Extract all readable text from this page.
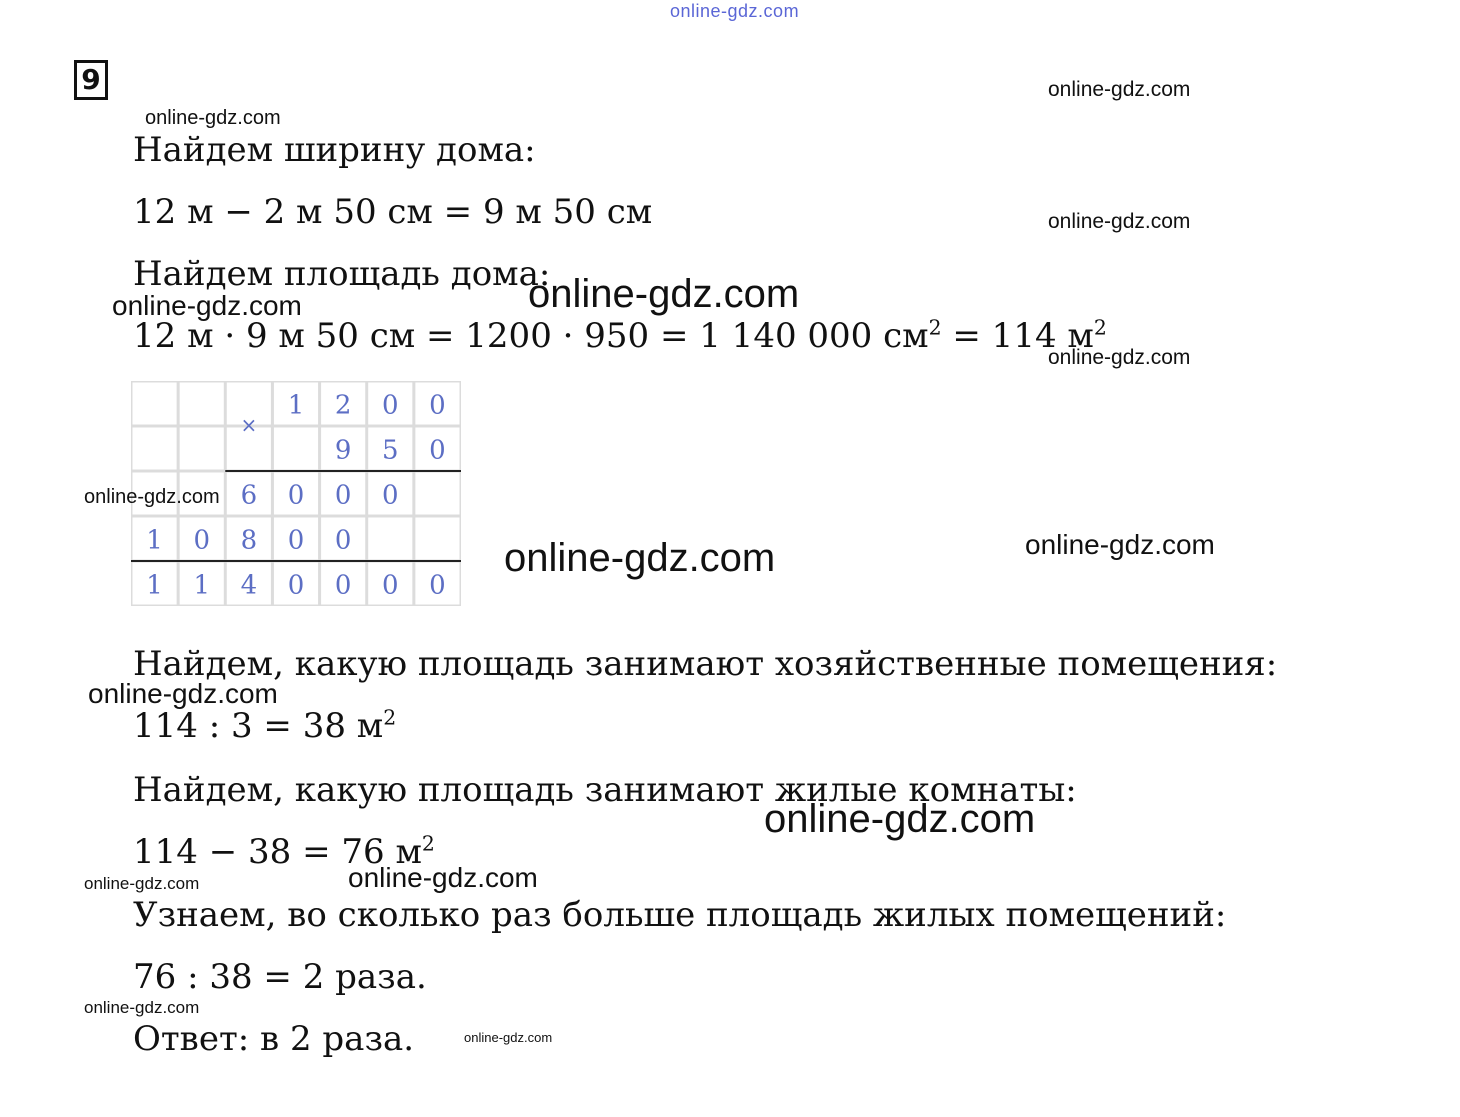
online-gdz.com
9
Найдем ширину дома:
12 м − 2 м 50 см = 9 м 50 см
Найдем площадь дома:
12 м · 9 м 50 см = 1200 · 950 = 1 140 000 $см^2 = 114$ $м^2$
×
1 2 0 0
9 5 0
6 0 0 0
1 0 8 0 0
1 1 4 0 0 0 0
Найдем, какую площадь занимают хозяйственные помещения:
114 : 3 = 38 $м^2$
Найдем, какую площадь занимают жилые комнаты:
114 − 38 = 76 $м^2$
Узнаем, во сколько раз больше площадь жилых помещений:
76 : 38 = 2 раза.
Ответ: в 2 раза.
online-gdz.com
online-gdz.com
online-gdz.com
online-gdz.com
online-gdz.com
online-gdz.com
online-gdz.com
online-gdz.com
online-gdz.com
online-gdz.com
online-gdz.com
online-gdz.com
online-gdz.com
online-gdz.com
online-gdz.com
